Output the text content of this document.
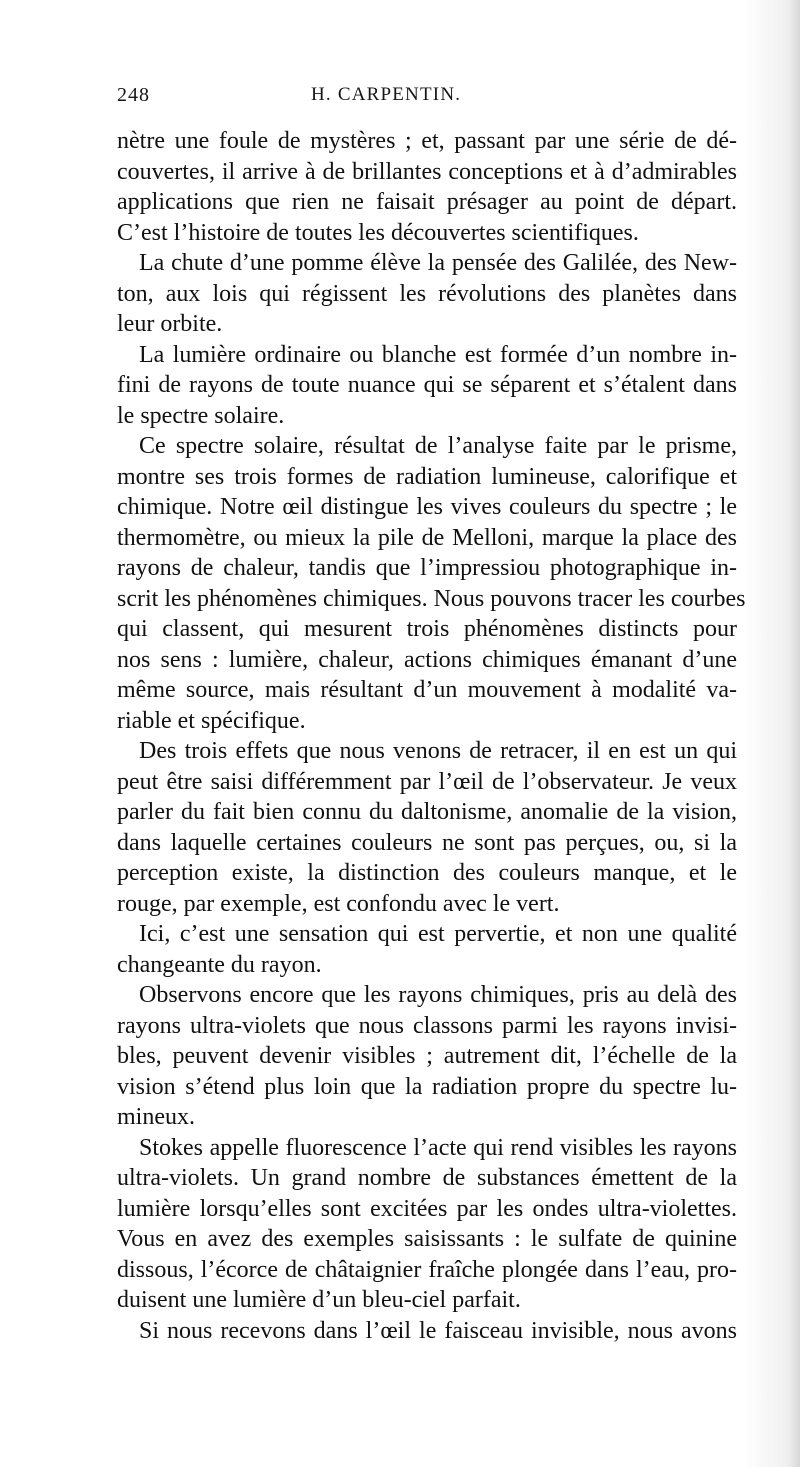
248	H. CARPENTIN.
nètre une foule de mystères ; et, passant par une série de dé-
couvertes, il arrive à de brillantes conceptions et à d’admirables
applications que rien ne faisait présager au point de départ.
C’est l’histoire de toutes les découvertes scientifiques.
La chute d’une pomme élève la pensée des Galilée, des New-
ton, aux lois qui régissent les révolutions des planètes dans
leur orbite.
La lumière ordinaire ou blanche est formée d’un nombre in-
fini de rayons de toute nuance qui se séparent et s’étalent dans
le spectre solaire.
Ce spectre solaire, résultat de l’analyse faite par le prisme,
montre ses trois formes de radiation lumineuse, calorifique et
chimique. Notre œil distingue les vives couleurs du spectre ; le
thermomètre, ou mieux la pile de Melloni, marque la place des
rayons de chaleur, tandis que l’impressiou photographique in-
scrit les phénomènes chimiques. Nous pouvons tracer les courbes
qui classent, qui mesurent trois phénomènes distincts pour
nos sens : lumière, chaleur, actions chimiques émanant d’une
même source, mais résultant d’un mouvement à modalité va-
riable et spécifique.
Des trois effets que nous venons de retracer, il en est un qui
peut être saisi différemment par l’œil de l’observateur. Je veux
parler du fait bien connu du daltonisme, anomalie de la vision,
dans laquelle certaines couleurs ne sont pas perçues, ou, si la
perception existe, la distinction des couleurs manque, et le
rouge, par exemple, est confondu avec le vert.
Ici, c’est une sensation qui est pervertie, et non une qualité
changeante du rayon.
Observons encore que les rayons chimiques, pris au delà des
rayons ultra-violets que nous classons parmi les rayons invisi-
bles, peuvent devenir visibles ; autrement dit, l’échelle de la
vision s’étend plus loin que la radiation propre du spectre lu-
mineux.
Stokes appelle fluorescence l’acte qui rend visibles les rayons
ultra-violets. Un grand nombre de substances émettent de la
lumière lorsqu’elles sont excitées par les ondes ultra-violettes.
Vous en avez des exemples saisissants : le sulfate de quinine
dissous, l’écorce de châtaignier fraîche plongée dans l’eau, pro-
duisent une lumière d’un bleu-ciel parfait.
Si nous recevons dans l’œil le faisceau invisible, nous avons
